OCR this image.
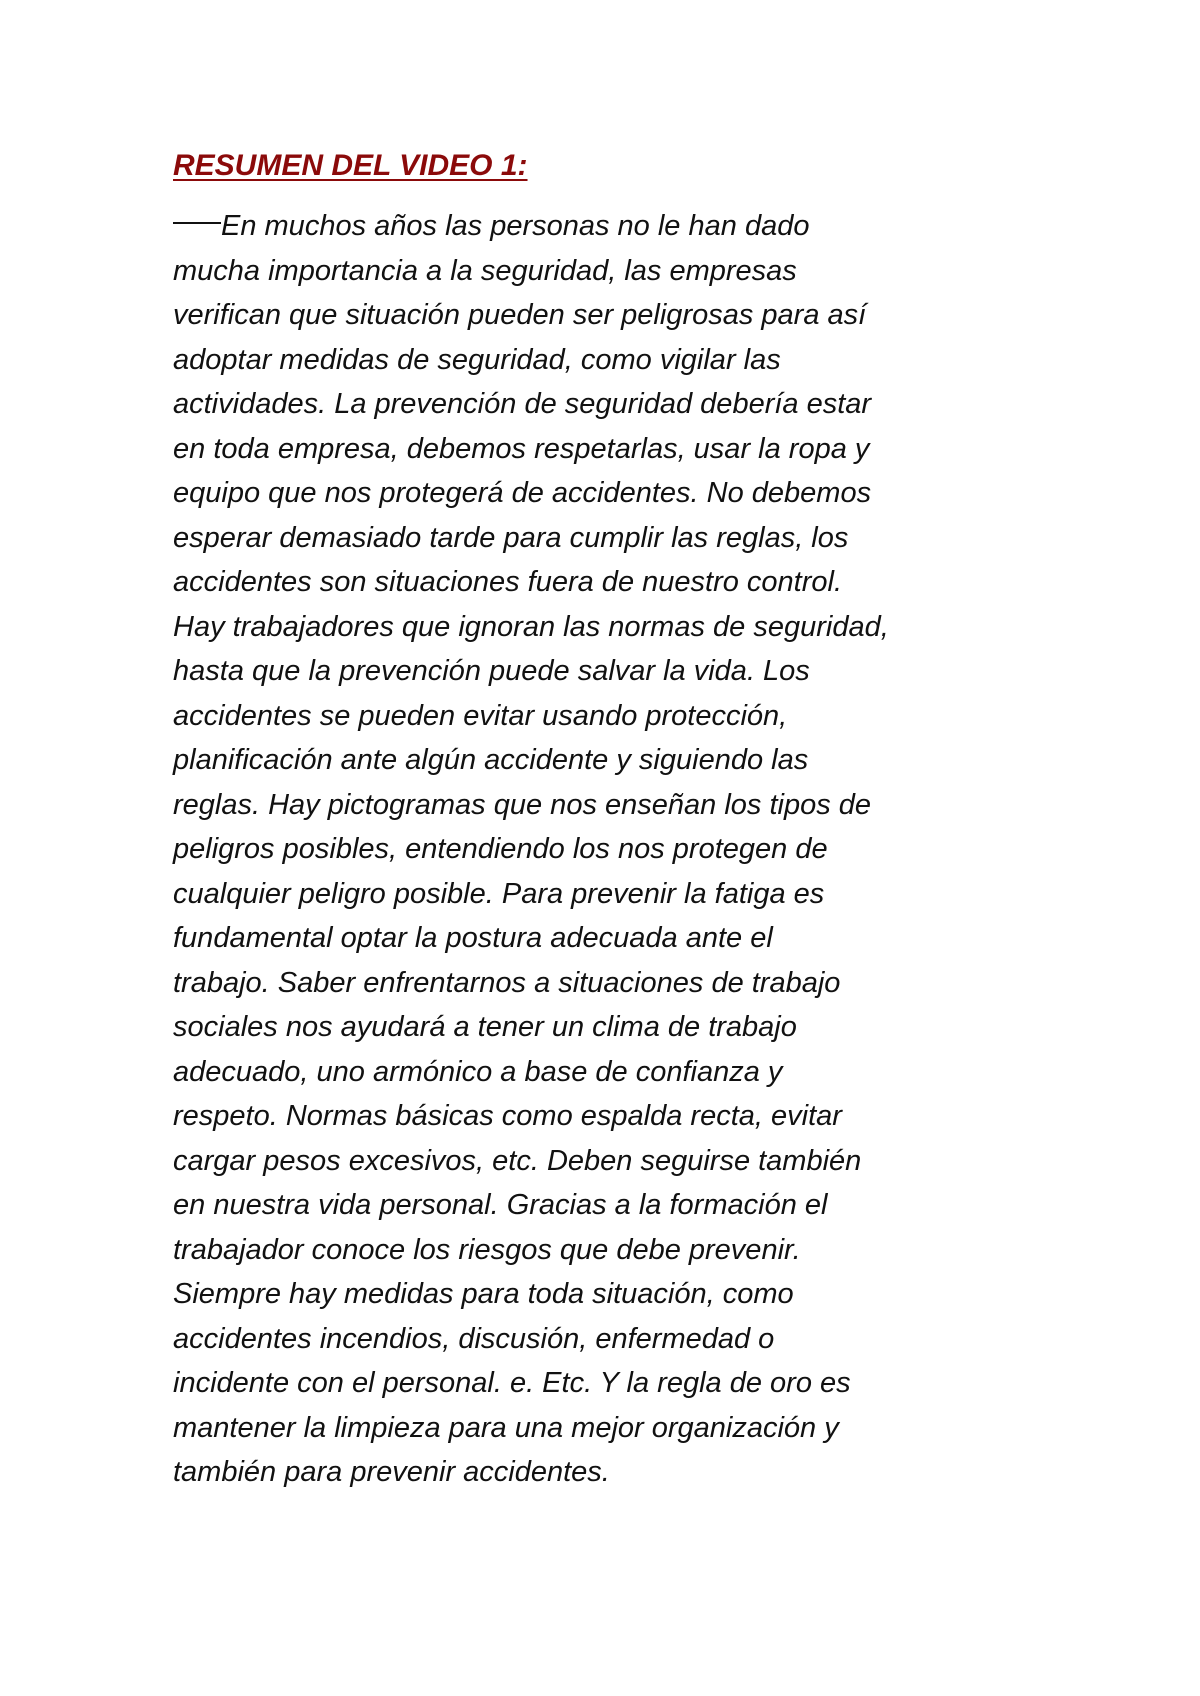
RESUMEN DEL VIDEO 1:
En muchos años las personas no le han dado
mucha importancia a la seguridad, las empresas
verifican que situación pueden ser peligrosas para así
adoptar medidas de seguridad, como vigilar las
actividades. La prevención de seguridad debería estar
en toda empresa, debemos respetarlas, usar la ropa y
equipo que nos protegerá de accidentes. No debemos
esperar demasiado tarde para cumplir las reglas, los
accidentes son situaciones fuera de nuestro control.
Hay trabajadores que ignoran las normas de seguridad,
hasta que la prevención puede salvar la vida. Los
accidentes se pueden evitar usando protección,
planificación ante algún accidente y siguiendo las
reglas. Hay pictogramas que nos enseñan los tipos de
peligros posibles, entendiendo los nos protegen de
cualquier peligro posible. Para prevenir la fatiga es
fundamental optar la postura adecuada ante el
trabajo. Saber enfrentarnos a situaciones de trabajo
sociales nos ayudará a tener un clima de trabajo
adecuado, uno armónico a base de confianza y
respeto. Normas básicas como espalda recta, evitar
cargar pesos excesivos, etc. Deben seguirse también
en nuestra vida personal. Gracias a la formación el
trabajador conoce los riesgos que debe prevenir.
Siempre hay medidas para toda situación, como
accidentes incendios, discusión, enfermedad o
incidente con el personal. e. Etc. Y la regla de oro es
mantener la limpieza para una mejor organización y
también para prevenir accidentes.
